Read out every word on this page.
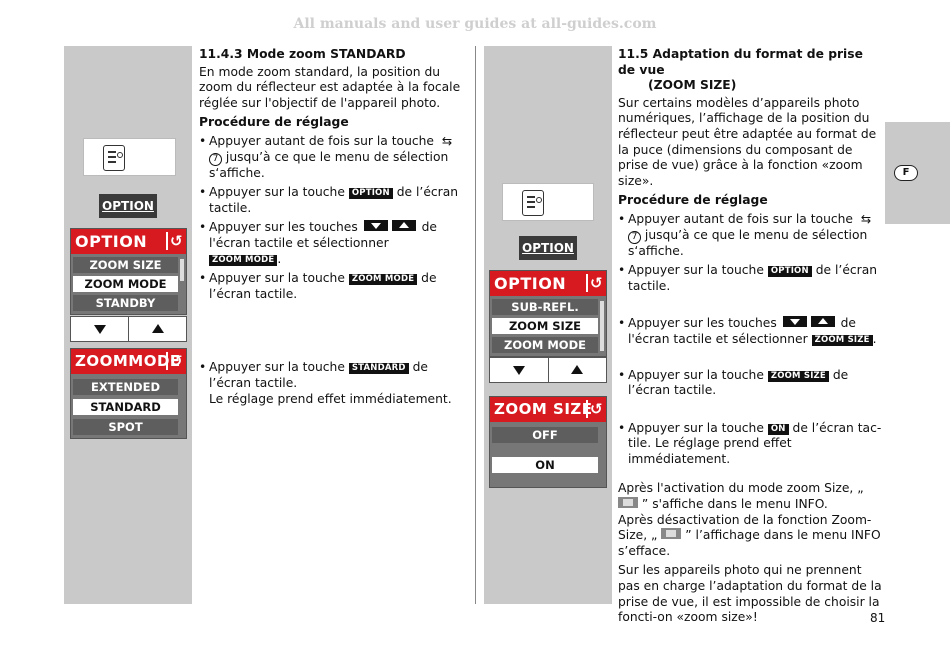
All manuals and user guides at all-guides.com
F
OPTION
OPTION
↺
ZOOM SIZE
ZOOM MODE
STANDBY
ZOOMMODE
↺
EXTENDED
STANDARD
SPOT
OPTION
OPTION
↺
SUB-REFL.
ZOOM SIZE
ZOOM MODE
ZOOM SIZE
↺
OFF
ON
11.4.3 Mode zoom STANDARD
En mode zoom standard, la position du zoom du réflecteur est adaptée à la focale réglée sur l'objectif de l'appareil photo.
Procédure de réglage
• Appuyer autant de fois sur la touche  ⇆ 7 jusqu’à ce que le menu de sélection s‘affiche.
• Appuyer sur la touche OPTION de l’écran tactile.
• Appuyer sur les touches	de l'écran tactile et sélectionner
ZOOM MODE .
• Appuyer sur la touche ZOOM MODE de l’écran tactile.
• Appuyer sur la touche STANDARD de l’écran tactile.
Le réglage prend effet immédiatement.
11.5 Adaptation du format de prise de vue
(ZOOM SIZE)
Sur certains modèles d’appareils photo numériques, l’affichage de la position du réflecteur peut être adaptée au format de la puce (dimensions du composant de prise de vue) grâce à la fonction «zoom size».
Procédure de réglage
• Appuyer autant de fois sur la touche  ⇆ 7 jusqu’à ce que le menu de sélection s‘affiche.
• Appuyer sur la touche OPTION de l’écran tactile.
• Appuyer sur les touches	de l'écran tactile et sélectionner ZOOM SIZE .
• Appuyer sur la touche ZOOM SIZE de l’écran tactile.
• Appuyer sur la touche ON de l’écran tac-tile. Le réglage prend effet immédiatement.
Après l'activation du mode zoom Size, „  ” s'affiche dans le menu INFO.
Après désactivation de la fonction Zoom-Size, „ ” l’affichage dans le menu INFO s’efface.
Sur les appareils photo qui ne prennent pas en charge l’adaptation du format de la prise de vue, il est impossible de choisir la foncti-on «zoom size»!	81
